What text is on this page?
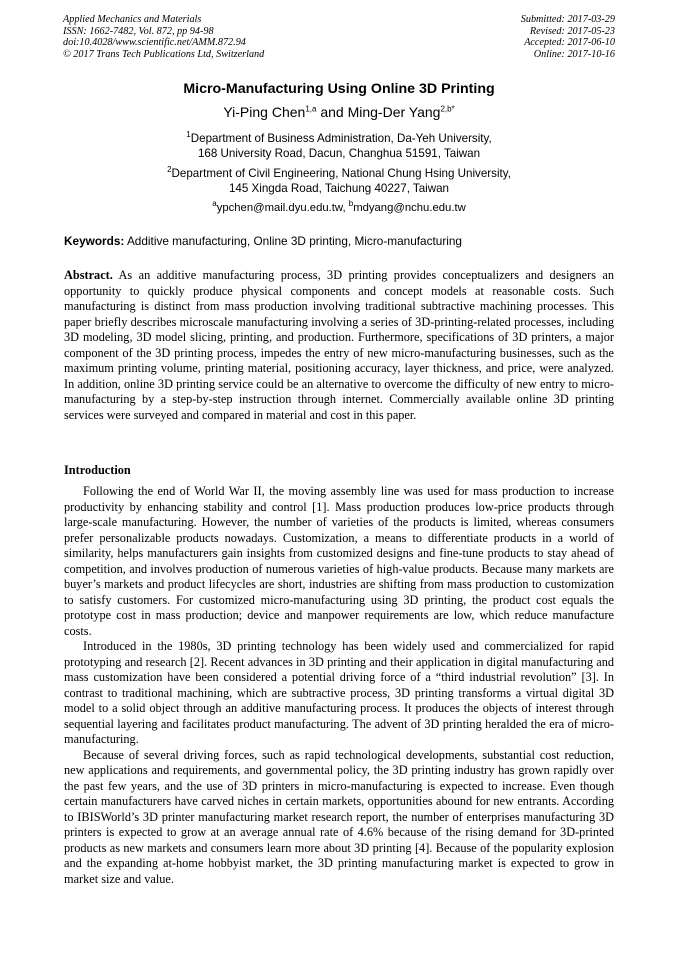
Applied Mechanics and Materials
ISSN: 1662-7482, Vol. 872, pp 94-98
doi:10.4028/www.scientific.net/AMM.872.94
© 2017 Trans Tech Publications Ltd, Switzerland
Submitted: 2017-03-29
Revised: 2017-05-23
Accepted: 2017-06-10
Online: 2017-10-16
Micro-Manufacturing Using Online 3D Printing
Yi-Ping Chen$^{1,a}$ and Ming-Der Yang$^{2,b*}$
$^1$Department of Business Administration, Da-Yeh University,
168 University Road, Dacun, Changhua 51591, Taiwan
$^2$Department of Civil Engineering, National Chung Hsing University,
145 Xingda Road, Taichung 40227, Taiwan
$^a$ypchen@mail.dyu.edu.tw, $^b$mdyang@nchu.edu.tw
Keywords: Additive manufacturing, Online 3D printing, Micro-manufacturing
Abstract. As an additive manufacturing process, 3D printing provides conceptualizers and designers an opportunity to quickly produce physical components and concept models at reasonable costs. Such manufacturing is distinct from mass production involving traditional subtractive machining processes. This paper briefly describes microscale manufacturing involving a series of 3D-printing-related processes, including 3D modeling, 3D model slicing, printing, and production. Furthermore, specifications of 3D printers, a major component of the 3D printing process, impedes the entry of new micro-manufacturing businesses, such as the maximum printing volume, printing material, positioning accuracy, layer thickness, and price, were analyzed. In addition, online 3D printing service could be an alternative to overcome the difficulty of new entry to micro-manufacturing by a step-by-step instruction through internet. Commercially available online 3D printing services were surveyed and compared in material and cost in this paper.
Introduction

Following the end of World War II, the moving assembly line was used for mass production to increase productivity by enhancing stability and control [1]. Mass production produces low-price products through large-scale manufacturing. However, the number of varieties of the products is limited, whereas consumers prefer personalizable products nowadays. Customization, a means to differentiate products in a world of similarity, helps manufacturers gain insights from customized designs and fine-tune products to stay ahead of competition, and involves production of numerous varieties of high-value products. Because many markets are buyer’s markets and product lifecycles are short, industries are shifting from mass production to customization to satisfy customers. For customized micro-manufacturing using 3D printing, the product cost equals the prototype cost in mass production; device and manpower requirements are low, which reduce manufacture costs.

Introduced in the 1980s, 3D printing technology has been widely used and commercialized for rapid prototyping and research [2]. Recent advances in 3D printing and their application in digital manufacturing and mass customization have been considered a potential driving force of a “third industrial revolution” [3]. In contrast to traditional machining, which are subtractive process, 3D printing transforms a virtual digital 3D model to a solid object through an additive manufacturing process. It produces the objects of interest through sequential layering and facilitates product manufacturing. The advent of 3D printing heralded the era of micro-manufacturing.

Because of several driving forces, such as rapid technological developments, substantial cost reduction, new applications and requirements, and governmental policy, the 3D printing industry has grown rapidly over the past few years, and the use of 3D printers in micro-manufacturing is expected to increase. Even though certain manufacturers have carved niches in certain markets, opportunities abound for new entrants. According to IBISWorld’s 3D printer manufacturing market research report, the number of enterprises manufacturing 3D printers is expected to grow at an average annual rate of 4.6% because of the rising demand for 3D-printed products as new markets and consumers learn more about 3D printing [4]. Because of the popularity explosion and the expanding at-home hobbyist market, the 3D printing manufacturing market is expected to grow in market size and value.
